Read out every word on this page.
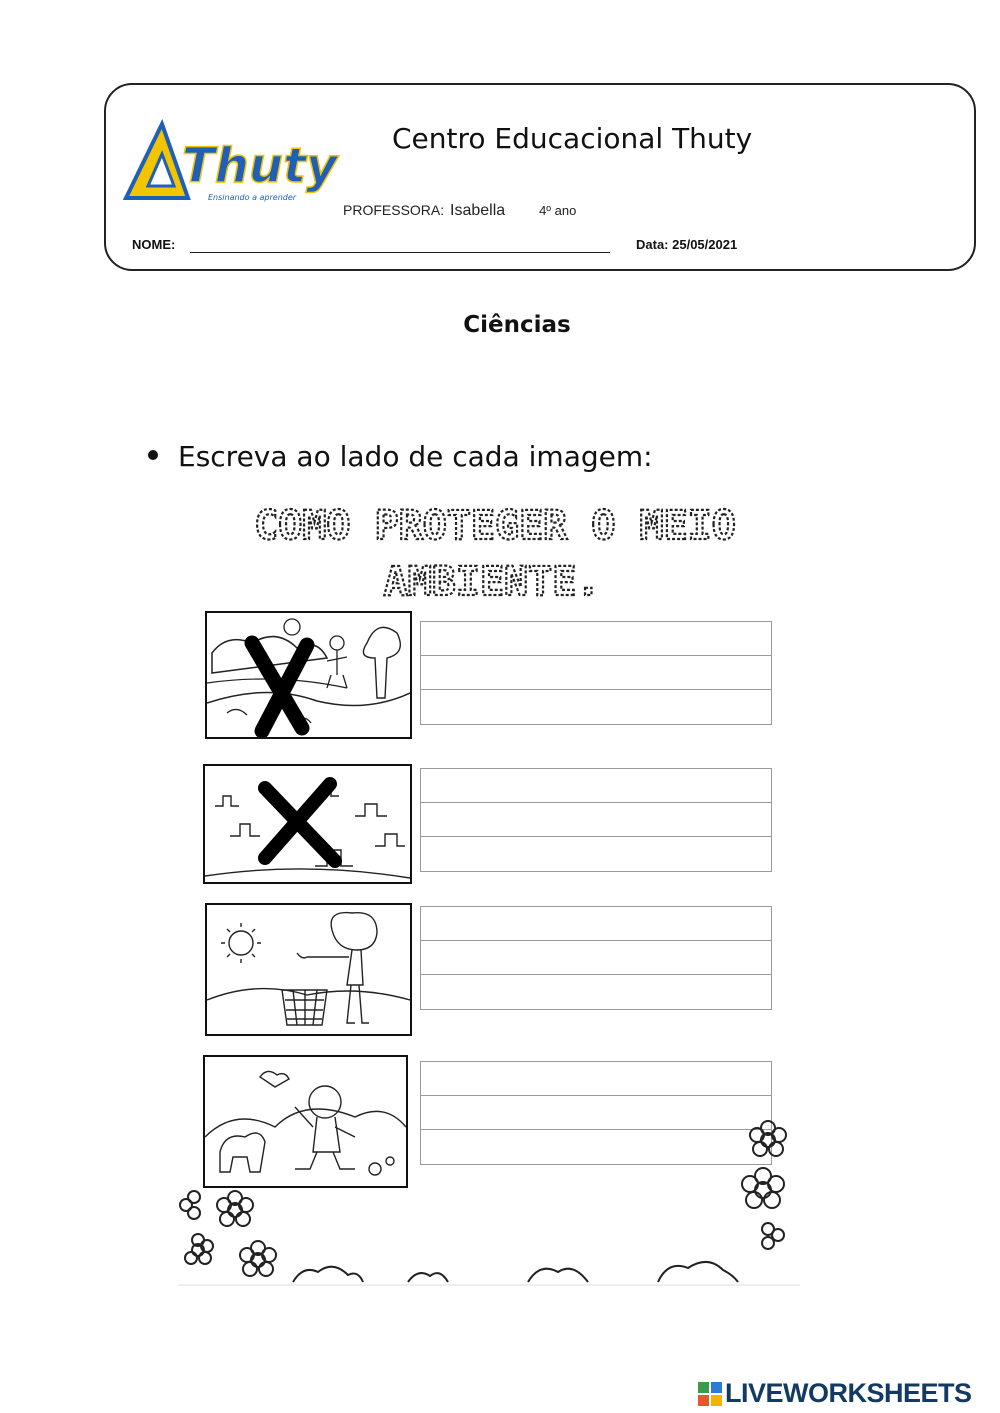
Thuty
Ensinando a aprender
Centro Educacional Thuty
PROFESSORA: Isabella	4º ano
NOME:	Data: 25/05/2021
Ciências
Escreva ao lado de cada imagem:
COMO PROTEGER O MEIO
AMBIENTE.
LIVEWORKSHEETS
